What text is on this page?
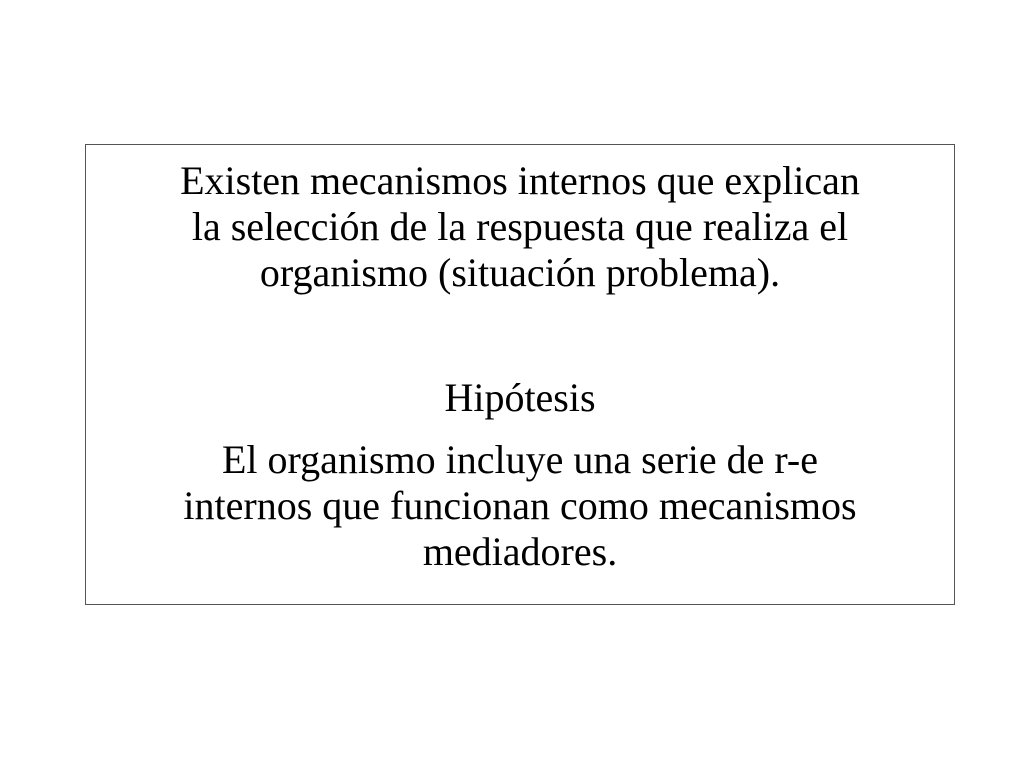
Existen mecanismos internos que explican
la selección de la respuesta que realiza el
organismo (situación problema).

Hipótesis

El organismo incluye una serie de r-e
internos que funcionan como mecanismos
mediadores.
